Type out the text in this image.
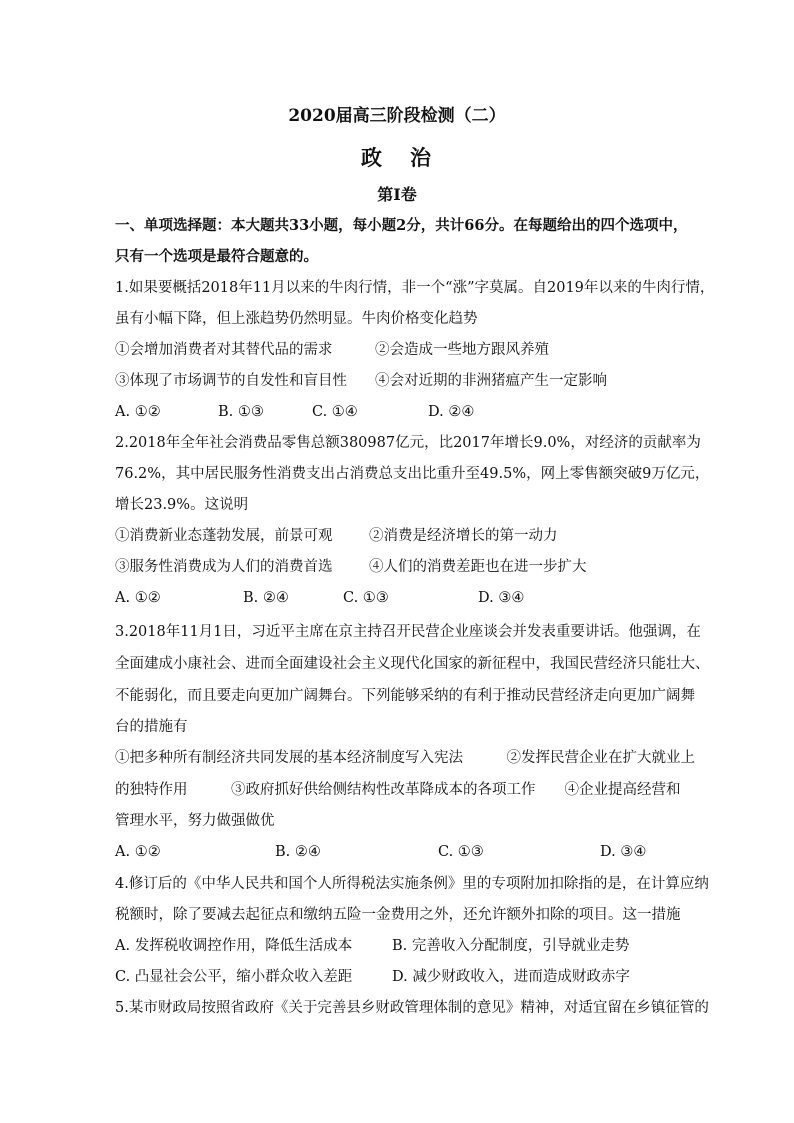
2020届高三阶段检测（二）
政 治
第I卷
一、单项选择题：本大题共33小题，每小题2分，共计66分。在每题给出的四个选项中，
只有一个选项是最符合题意的。
1.如果要概括2018年11月以来的牛肉行情，非一个“涨”字莫属。自2019年以来的牛肉行情，
虽有小幅下降，但上涨趋势仍然明显。牛肉价格变化趋势
①会增加消费者对其替代品的需求	②会造成一些地方跟风养殖
③体现了市场调节的自发性和盲目性 ④会对近期的非洲猪瘟产生一定影响
A. ①②	B. ①③	C. ①④	D. ②④
2.2018年全年社会消费品零售总额380987亿元，比2017年增长9.0%，对经济的贡献率为
76.2%，其中居民服务性消费支出占消费总支出比重升至49.5%，网上零售额突破9万亿元，
增长23.9%。这说明
①消费新业态蓬勃发展，前景可观	②消费是经济增长的第一动力
③服务性消费成为人们的消费首选	④人们的消费差距也在进一步扩大
A. ①②	B. ②④	C. ①③	D. ③④
3.2018年11月1日，习近平主席在京主持召开民营企业座谈会并发表重要讲话。他强调，在
全面建成小康社会、进而全面建设社会主义现代化国家的新征程中，我国民营经济只能壮大、
不能弱化，而且要走向更加广阔舞台。下列能够采纳的有利于推动民营经济走向更加广阔舞
台的措施有
①把多种所有制经济共同发展的基本经济制度写入宪法　　　②发挥民营企业在扩大就业上
的独特作用　　　③政府抓好供给侧结构性改革降成本的各项工作　　④企业提高经营和
管理水平，努力做强做优
A. ①②	B. ②④	C. ①③	D. ③④
4.修订后的《中华人民共和国个人所得税法实施条例》里的专项附加扣除指的是，在计算应纳
税额时，除了要减去起征点和缴纳五险一金费用之外，还允许额外扣除的项目。这一措施
A. 发挥税收调控作用，降低生活成本	B. 完善收入分配制度，引导就业走势
C. 凸显社会公平，缩小群众收入差距	D. 减少财政收入，进而造成财政赤字
5.某市财政局按照省政府《关于完善县乡财政管理体制的意见》精神，对适宜留在乡镇征管的
